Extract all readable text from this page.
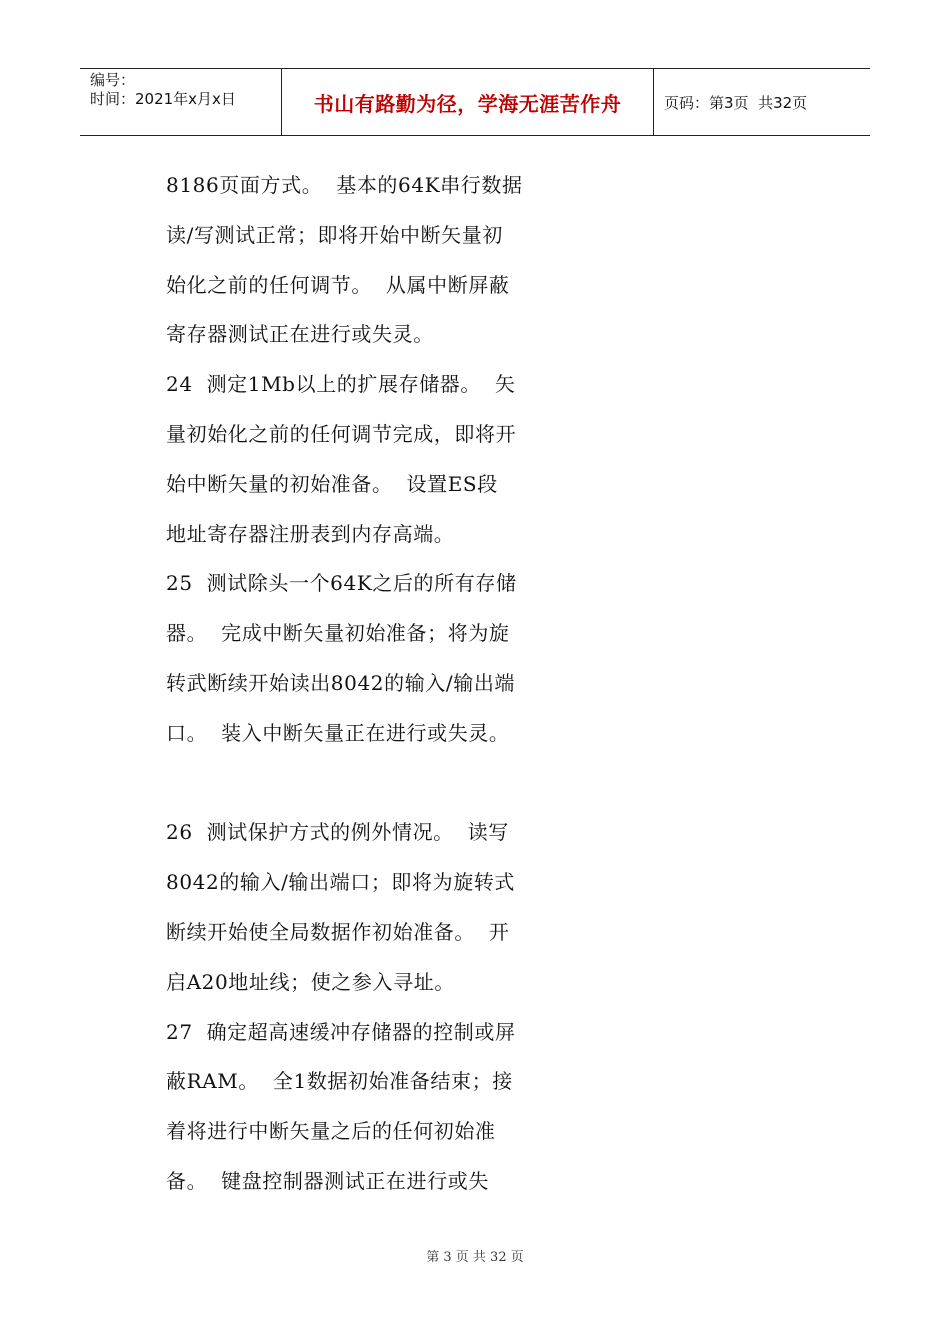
编号：
时间：2021年x月x日	书山有路勤为径，学海无涯苦作舟	页码：第3页  共32页

8186页面方式。  基本的64K串行数据

读/写测试正常；即将开始中断矢量初

始化之前的任何调节。  从属中断屏蔽

寄存器测试正在进行或失灵。

24  测定1Mb以上的扩展存储器。  矢

量初始化之前的任何调节完成，即将开

始中断矢量的初始准备。  设置ES段

地址寄存器注册表到内存高端。

25  测试除头一个64K之后的所有存储

器。  完成中断矢量初始准备；将为旋

转武断续开始读出8042的输入/输出端

口。  装入中断矢量正在进行或失灵。

26  测试保护方式的例外情况。  读写

8042的输入/输出端口；即将为旋转式

断续开始使全局数据作初始准备。  开

启A20地址线；使之参入寻址。

27  确定超高速缓冲存储器的控制或屏

蔽RAM。  全1数据初始准备结束；接

着将进行中断矢量之后的任何初始准

备。  键盘控制器测试正在进行或失

第 3 页 共 32 页
